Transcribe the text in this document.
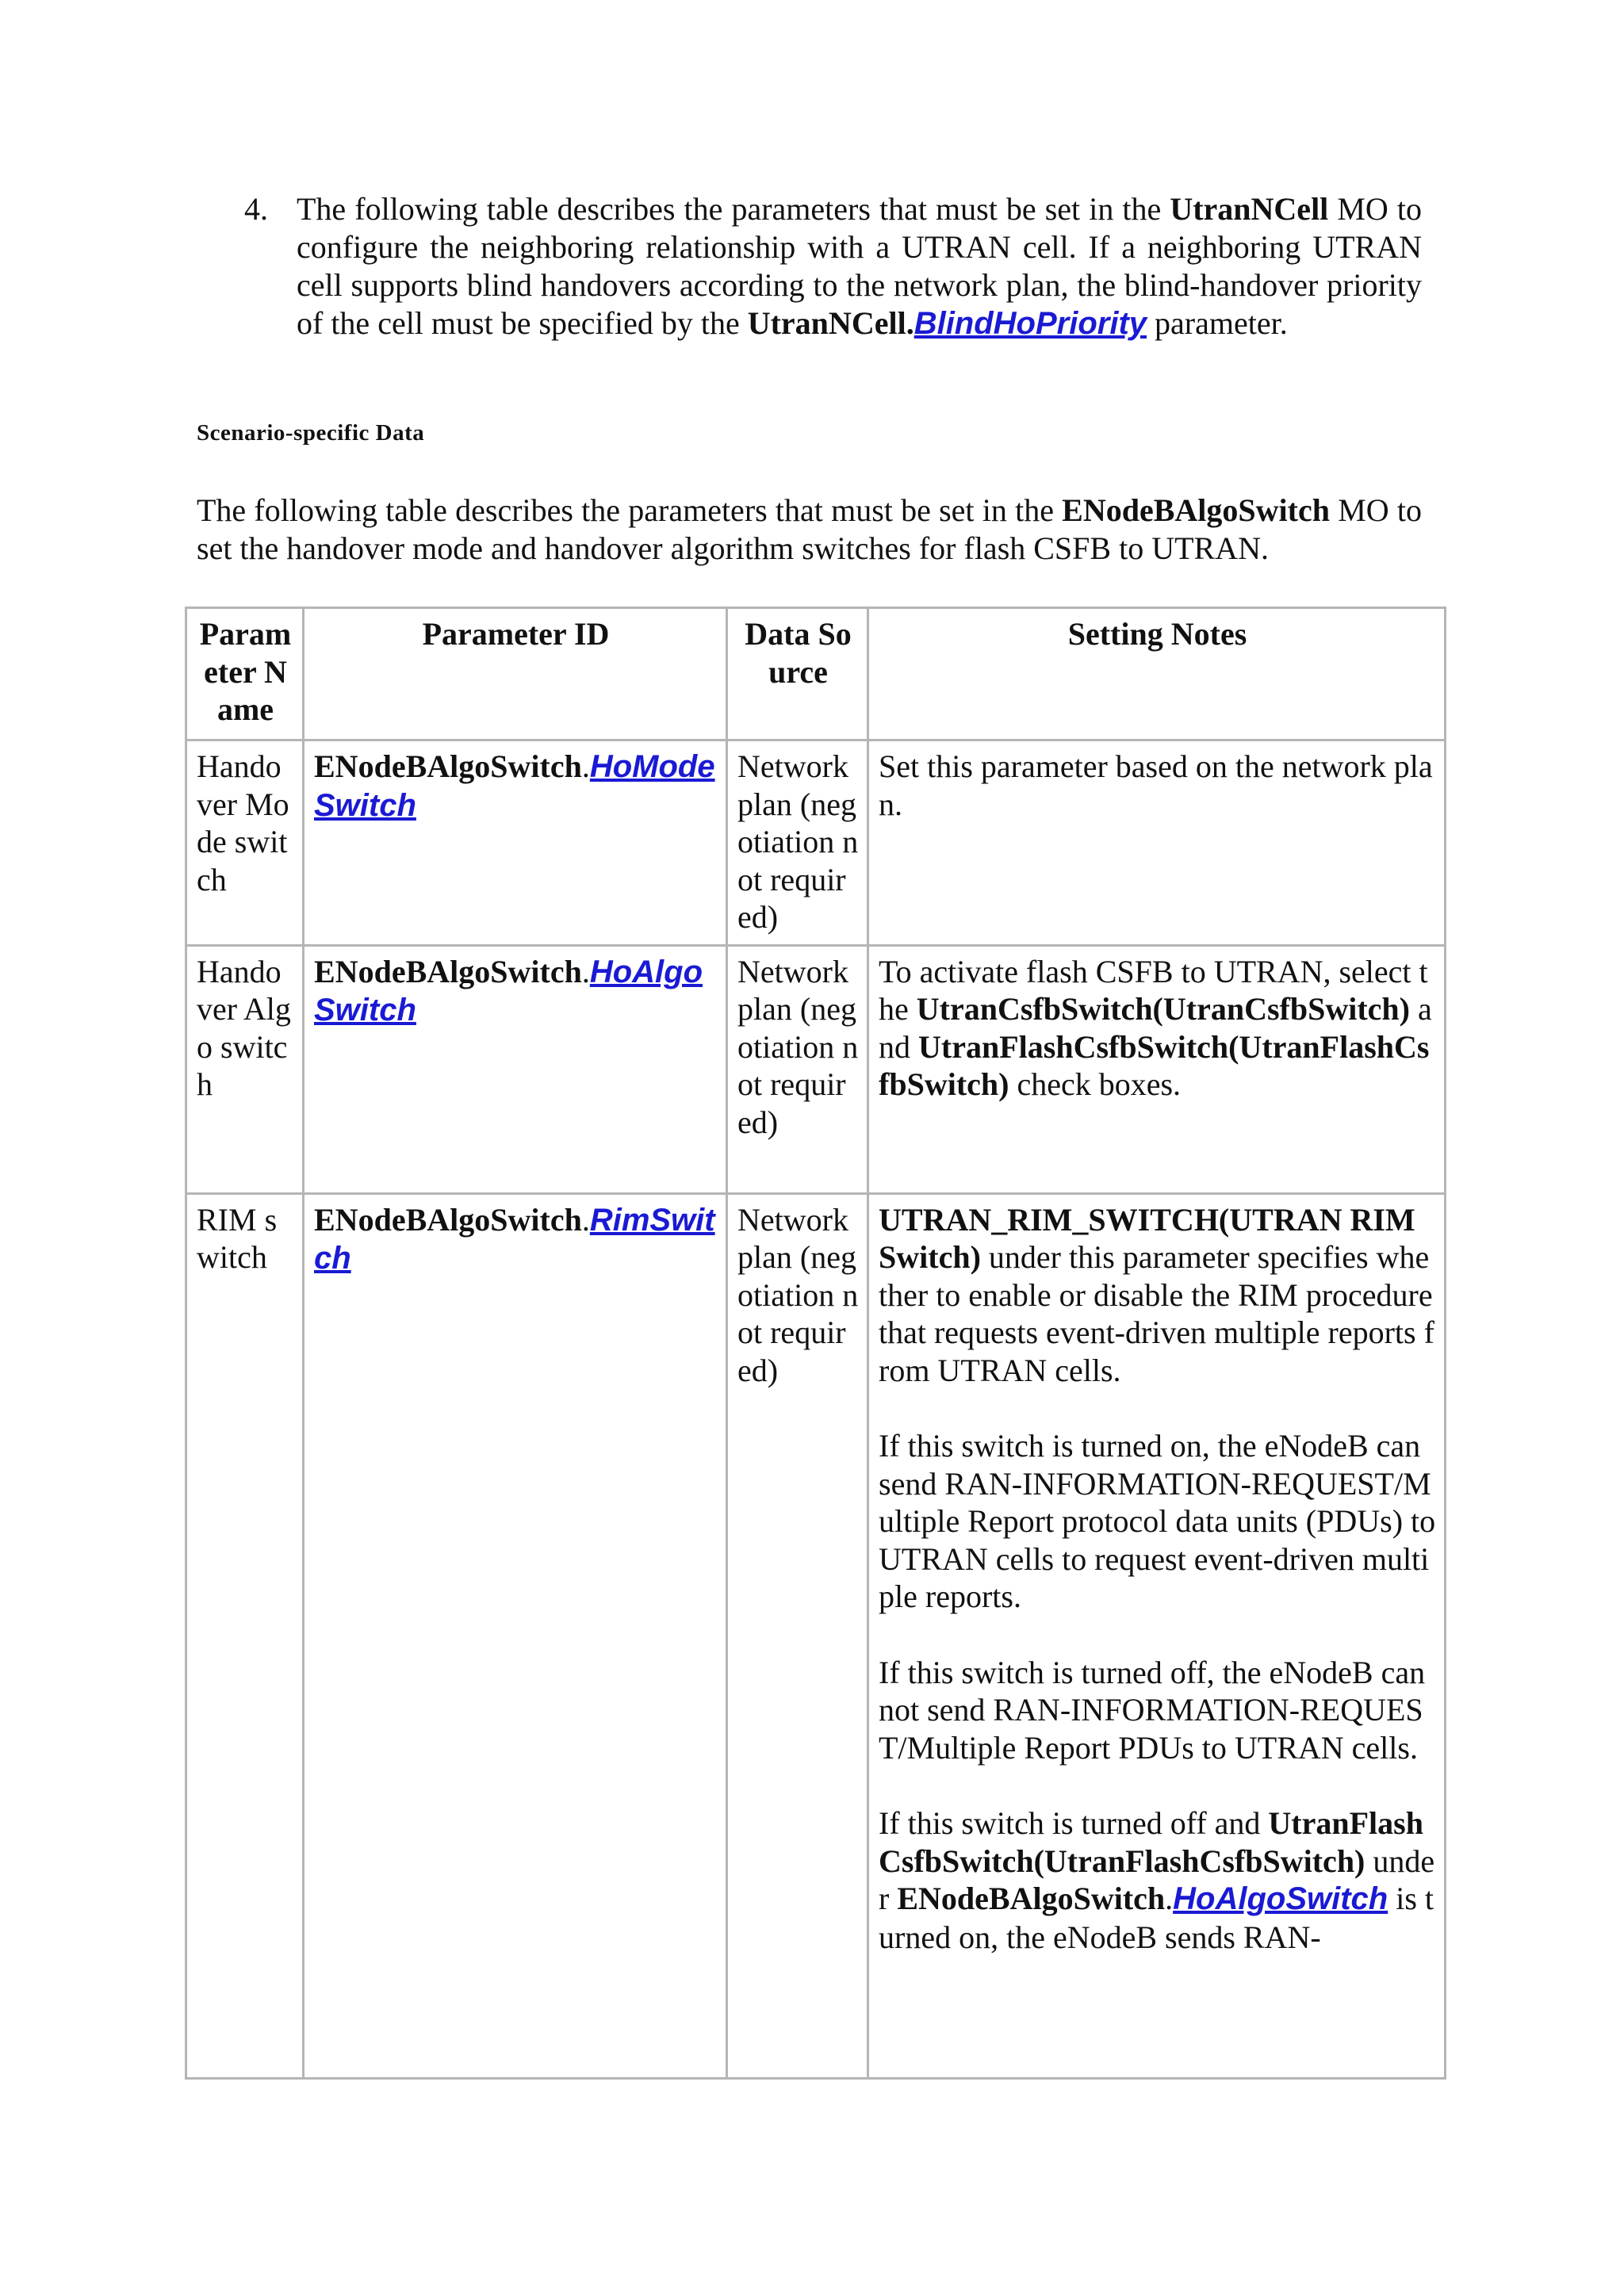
4. The following table describes the parameters that must be set in the UtranNCell MO to configure the neighboring relationship with a UTRAN cell. If a neighboring UTRAN cell supports blind handovers according to the network plan, the blind-handover priority of the cell must be specified by the UtranNCell.BlindHoPriority parameter.
Scenario-specific Data
The following table describes the parameters that must be set in the ENodeBAlgoSwitch MO to set the handover mode and handover algorithm switches for flash CSFB to UTRAN.
Parameter Name	Parameter ID	Data Source	Setting Notes
Handover Mode switch	ENodeBAlgoSwitch.HoModeSwitch	Network plan (negotiation not required)	Set this parameter based on the network plan.

Handover Algo switch	ENodeBAlgoSwitch.HoAlgoSwitch	Network plan (negotiation not required)	To activate flash CSFB to UTRAN, select the UtranCsfbSwitch(UtranCsfbSwitch) and UtranFlashCsfbSwitch(UtranFlashCsfbSwitch) check boxes.

RIM switch	ENodeBAlgoSwitch.RimSwitch	Network plan (negotiation not required)	UTRAN_RIM_SWITCH(UTRAN RIM Switch) under this parameter specifies whether to enable or disable the RIM procedure that requests event-driven multiple reports from UTRAN cells.

If this switch is turned on, the eNodeB can send RAN-INFORMATION-REQUEST/Multiple Report protocol data units (PDUs) to UTRAN cells to request event-driven multiple reports.

If this switch is turned off, the eNodeB cannot send RAN-INFORMATION-REQUEST/Multiple Report PDUs to UTRAN cells.

If this switch is turned off and UtranFlashCsfbSwitch(UtranFlashCsfbSwitch) under ENodeBAlgoSwitch.HoAlgoSwitch is turned on, the eNodeB sends RAN-
